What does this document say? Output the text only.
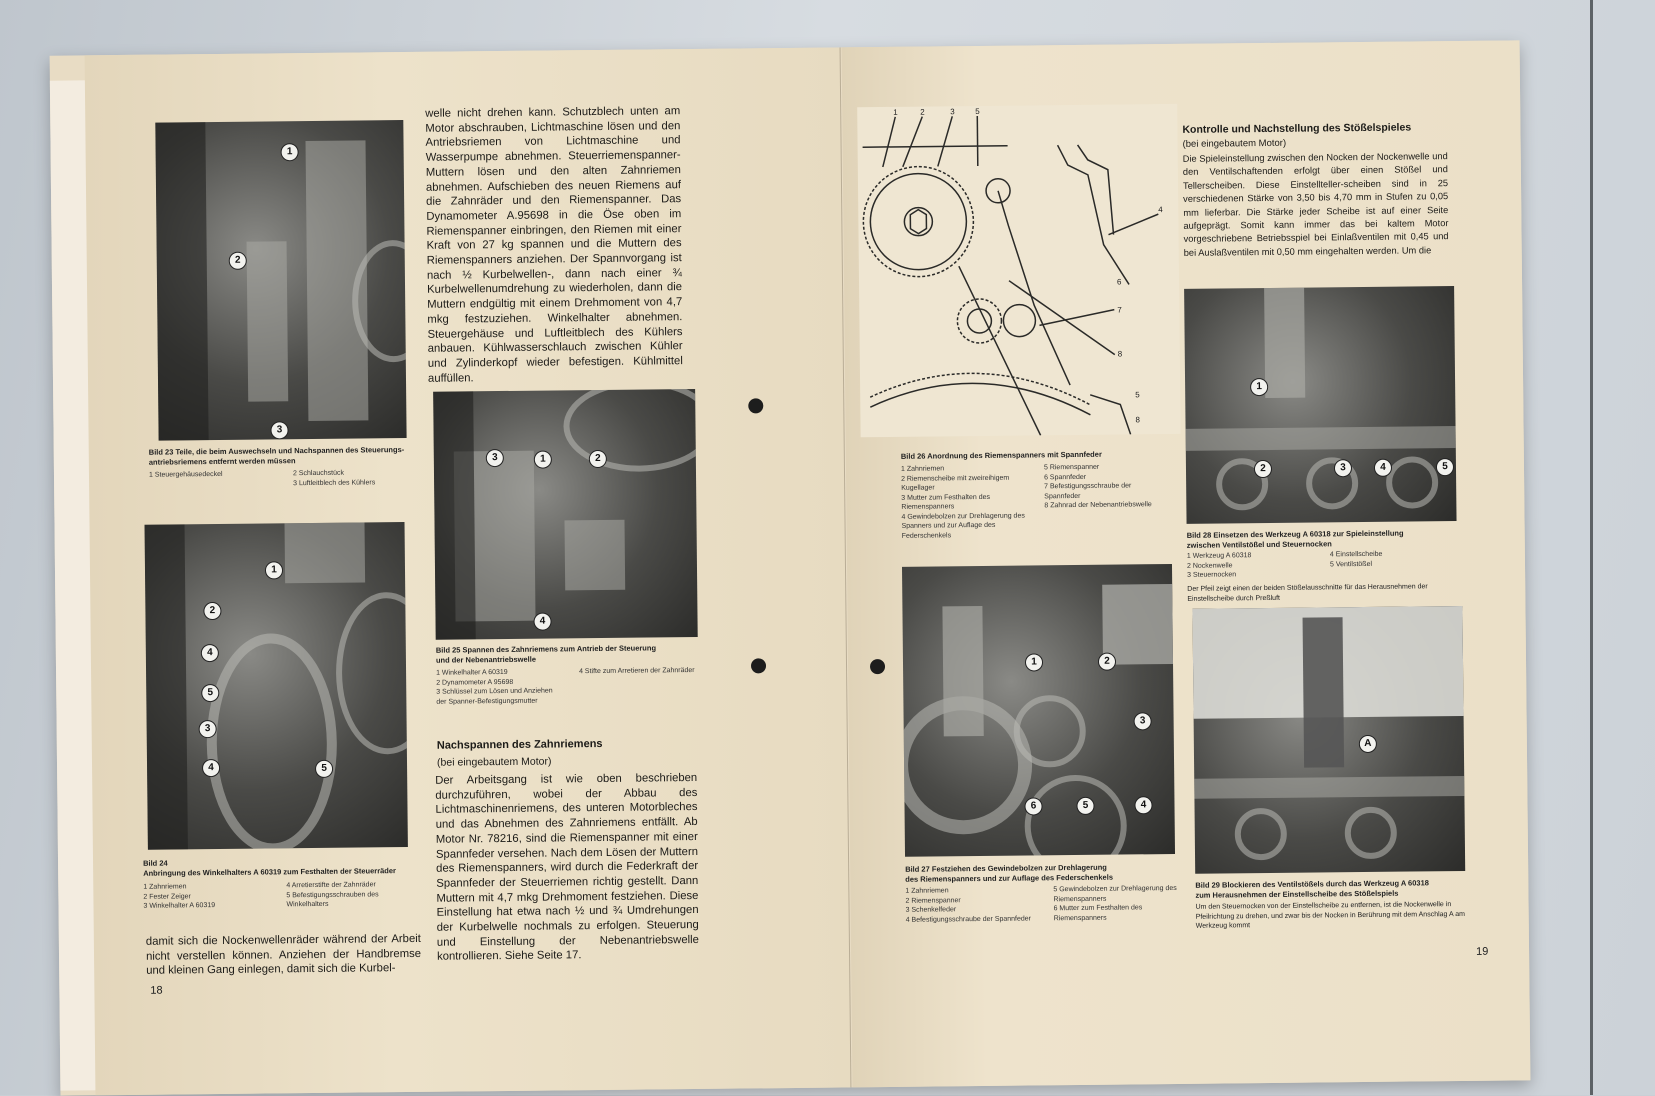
1
2
3
Bild 23 Teile, die beim Auswechseln und Nachspannen des Steuerungs-
antriebsriemens entfernt werden müssen
1 Steuergehäusedeckel	2 Schlauchstück
3 Luftleitblech des Kühlers
welle nicht drehen kann. Schutzblech unten am Motor abschrauben, Lichtmaschine lösen und den Antriebsriemen von Lichtmaschine und Wasserpumpe abnehmen. Steuerriemenspanner-Muttern lösen und den alten Zahnriemen abnehmen. Aufschieben des neuen Riemens auf die Zahnräder und den Riemenspanner. Das Dynamometer A.95698 in die Öse oben im Riemenspanner einbringen, den Riemen mit einer Kraft von 27 kg spannen und die Muttern des Riemenspanners anziehen. Der Spannvorgang ist nach ½ Kurbelwellen-, dann nach einer ¾ Kurbelwellenumdrehung zu wiederholen, dann die Muttern endgültig mit einem Drehmoment von 4,7 mkg festzuziehen. Winkelhalter abnehmen. Steuergehäuse und Luftleitblech des Kühlers anbauen. Kühlwasserschlauch zwischen Kühler und Zylinderkopf wieder befestigen. Kühlmittel auffüllen.
3	1	2
4
Bild 25 Spannen des Zahnriemens zum Antrieb der Steuerung
und der Nebenantriebswelle
1 Winkelhalter A 60319
2 Dynamometer A 95698
3 Schlüssel zum Lösen und Anziehen der Spanner-Befestigungsmutter
4 Stifte zum Arretieren der Zahnräder
1
2
4
5
3
4	5
Bild 24
Anbringung des Winkelhalters A 60319 zum Festhalten der Steuerräder
1 Zahnriemen
2 Fester Zeiger
3 Winkelhalter A 60319
4 Arretierstifte der Zahnräder
5 Befestigungsschrauben des Winkelhalters
Nachspannen des Zahnriemens
(bei eingebautem Motor)
Der Arbeitsgang ist wie oben beschrieben durchzuführen, wobei der Abbau des Lichtmaschinenriemens, des unteren Motorbleches und das Abnehmen des Zahnriemens entfällt. Ab Motor Nr. 78216, sind die Riemenspanner mit einer Spannfeder versehen. Nach dem Lösen der Muttern des Riemenspanners, wird durch die Federkraft der Spannfeder der Steuerriemen richtig gestellt. Dann Muttern mit 4,7 mkg Drehmoment festziehen. Diese Einstellung hat etwa nach ½ und ¾ Umdrehungen der Kurbelwelle nochmals zu erfolgen. Steuerung und Einstellung der Nebenantriebswelle kontrollieren. Siehe Seite 17.
damit sich die Nockenwellenräder während der Arbeit nicht verstellen können. Anziehen der Handbremse und kleinen Gang einlegen, damit sich die Kurbel-
18
1	2	3	5
4
7
6
8
5
8
Bild 26 Anordnung des Riemenspanners mit Spannfeder
1 Zahnriemen
2 Riemenscheibe mit zweireihigem Kugellager
3 Mutter zum Festhalten des Riemenspanners
4 Gewindebolzen zur Drehlagerung des Spanners und zur Auflage des Federschenkels
5 Riemenspanner
6 Spannfeder
7 Befestigungsschraube der Spannfeder
8 Zahnrad der Nebenantriebswelle
Kontrolle und Nachstellung des Stößelspieles
(bei eingebautem Motor)
Die Spieleinstellung zwischen den Nocken der Nockenwelle und den Ventilschaftenden erfolgt über einen Stößel und Tellerscheiben. Diese Einstellteller-scheiben sind in 25 verschiedenen Stärke von 3,50 bis 4,70 mm in Stufen zu 0,05 mm lieferbar. Die Stärke jeder Scheibe ist auf einer Seite aufgeprägt. Somit kann immer das bei kaltem Motor vorgeschriebene Betriebsspiel bei Einlaßventilen mit 0,45 und bei Auslaßventilen mit 0,50 mm eingehalten werden. Um die
1
2	3	4	5
Bild 28 Einsetzen des Werkzeug A 60318 zur Spieleinstellung
zwischen Ventilstößel und Steuernocken
1 Werkzeug A 60318
2 Nockenwelle
3 Steuernocken
4 Einstellscheibe
5 Ventilstößel
Der Pfeil zeigt einen der beiden Stößelausschnitte für das Herausnehmen der Einstellscheibe durch Preßluft
1	2
3
4
5
6
Bild 27 Festziehen des Gewindebolzen zur Drehlagerung
des Riemenspanners und zur Auflage des Federschenkels
1 Zahnriemen
2 Riemenspanner
3 Schenkelfeder
4 Befestigungsschraube der Spannfeder
5 Gewindebolzen zur Drehlagerung des Riemenspanners
6 Mutter zum Festhalten des Riemenspanners
A
Bild 29 Blockieren des Ventilstößels durch das Werkzeug A 60318
zum Herausnehmen der Einstellscheibe des Stößelspiels
Um den Steuernocken von der Einstellscheibe zu entfernen, ist die Nockenwelle in Pfeilrichtung zu drehen, und zwar bis der Nocken in Berührung mit dem Anschlag A am Werkzeug kommt
19
